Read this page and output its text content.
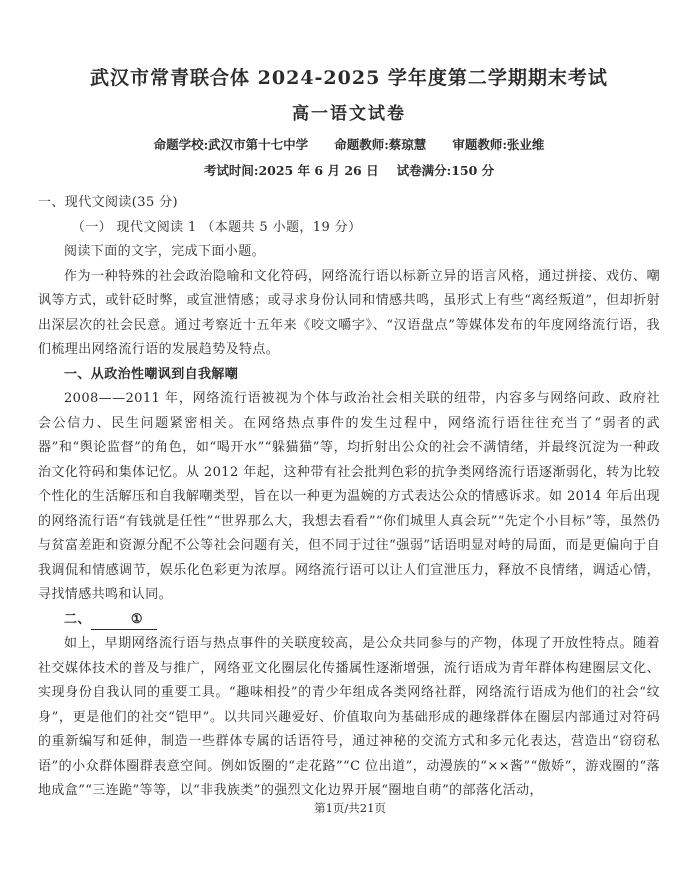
武汉市常青联合体 2024-2025 学年度第二学期期末考试
高一语文试卷
命题学校:武汉市第十七中学 命题教师:蔡琼慧 审题教师:张业维
考试时间:2025 年 6 月 26 日 试卷满分:150 分

一、现代文阅读(35 分)

（一） 现代文阅读 1 （本题共 5 小题，19 分）

阅读下面的文字，完成下面小题。

作为一种特殊的社会政治隐喻和文化符码，网络流行语以标新立异的语言风格，通过拼接、戏仿、嘲讽等方式，或针砭时弊，或宣泄情感；或寻求身份认同和情感共鸣，虽形式上有些“离经叛道”，但却折射出深层次的社会民意。通过考察近十五年来《咬文嚼字》、“汉语盘点”等媒体发布的年度网络流行语，我们梳理出网络流行语的发展趋势及特点。

一、从政治性嘲讽到自我解嘲

2008——2011 年，网络流行语被视为个体与政治社会相关联的纽带，内容多与网络问政、政府社会公信力、民生问题紧密相关。在网络热点事件的发生过程中，网络流行语往往充当了“弱者的武器”和“舆论监督”的角色，如“喝开水”“躲猫猫”等，均折射出公众的社会不满情绪，并最终沉淀为一种政治文化符码和集体记忆。从 2012 年起，这种带有社会批判色彩的抗争类网络流行语逐渐弱化，转为比较个性化的生活解压和自我解嘲类型，旨在以一种更为温婉的方式表达公众的情感诉求。如 2014 年后出现的网络流行语“有钱就是任性”“世界那么大，我想去看看”“你们城里人真会玩”“先定个小目标”等，虽然仍与贫富差距和资源分配不公等社会问题有关，但不同于过往“强弱”话语明显对峙的局面，而是更偏向于自我调侃和情感调节，娱乐化色彩更为浓厚。网络流行语可以让人们宣泄压力，释放不良情绪，调适心情，寻找情感共鸣和认同。

二、	①

如上，早期网络流行语与热点事件的关联度较高，是公众共同参与的产物，体现了开放性特点。随着社交媒体技术的普及与推广，网络亚文化圈层化传播属性逐渐增强，流行语成为青年群体构建圈层文化、实现身份自我认同的重要工具。“趣味相投”的青少年组成各类网络社群，网络流行语成为他们的社会“纹身”，更是他们的社交“铠甲”。以共同兴趣爱好、价值取向为基础形成的趣缘群体在圈层内部通过对符码的重新编写和延伸，制造一些群体专属的话语符号，通过神秘的交流方式和多元化表达，营造出“窃窃私语”的小众群体圈群表意空间。例如饭圈的“走花路”“C 位出道”，动漫族的“××酱”“傲娇”，游戏圈的“落地成盒”“三连跪”等等，以“非我族类”的强烈文化边界开展“圈地自萌”的部落化活动，

第1页/共21页
